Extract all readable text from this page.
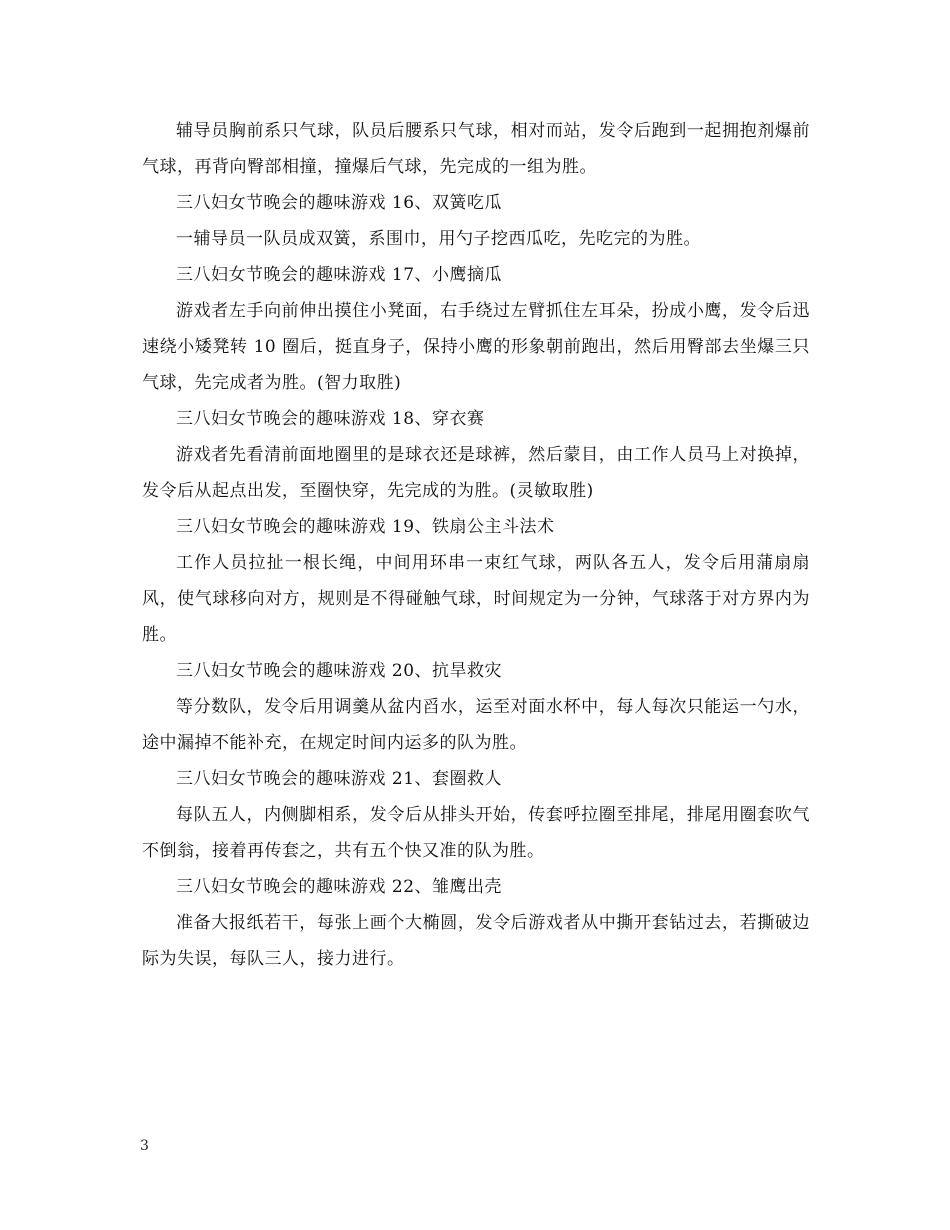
辅导员胸前系只气球，队员后腰系只气球，相对而站，发令后跑到一起拥抱剂爆前气球，再背向臀部相撞，撞爆后气球，先完成的一组为胜。

三八妇女节晚会的趣味游戏 16、双簧吃瓜

一辅导员一队员成双簧，系围巾，用勺子挖西瓜吃，先吃完的为胜。

三八妇女节晚会的趣味游戏 17、小鹰摘瓜

游戏者左手向前伸出摸住小凳面，右手绕过左臂抓住左耳朵，扮成小鹰，发令后迅速绕小矮凳转 10 圈后，挺直身子，保持小鹰的形象朝前跑出，然后用臀部去坐爆三只气球，先完成者为胜。(智力取胜)

三八妇女节晚会的趣味游戏 18、穿衣赛

游戏者先看清前面地圈里的是球衣还是球裤，然后蒙目，由工作人员马上对换掉，发令后从起点出发，至圈快穿，先完成的为胜。(灵敏取胜)

三八妇女节晚会的趣味游戏 19、铁扇公主斗法术

工作人员拉扯一根长绳，中间用环串一束红气球，两队各五人，发令后用蒲扇扇风，使气球移向对方，规则是不得碰触气球，时间规定为一分钟，气球落于对方界内为胜。

三八妇女节晚会的趣味游戏 20、抗旱救灾

等分数队，发令后用调羹从盆内舀水，运至对面水杯中，每人每次只能运一勺水，途中漏掉不能补充，在规定时间内运多的队为胜。

三八妇女节晚会的趣味游戏 21、套圈救人

每队五人，内侧脚相系，发令后从排头开始，传套呼拉圈至排尾，排尾用圈套吹气不倒翁，接着再传套之，共有五个快又准的队为胜。

三八妇女节晚会的趣味游戏 22、雏鹰出壳

准备大报纸若干，每张上画个大椭圆，发令后游戏者从中撕开套钻过去，若撕破边际为失误，每队三人，接力进行。

3
